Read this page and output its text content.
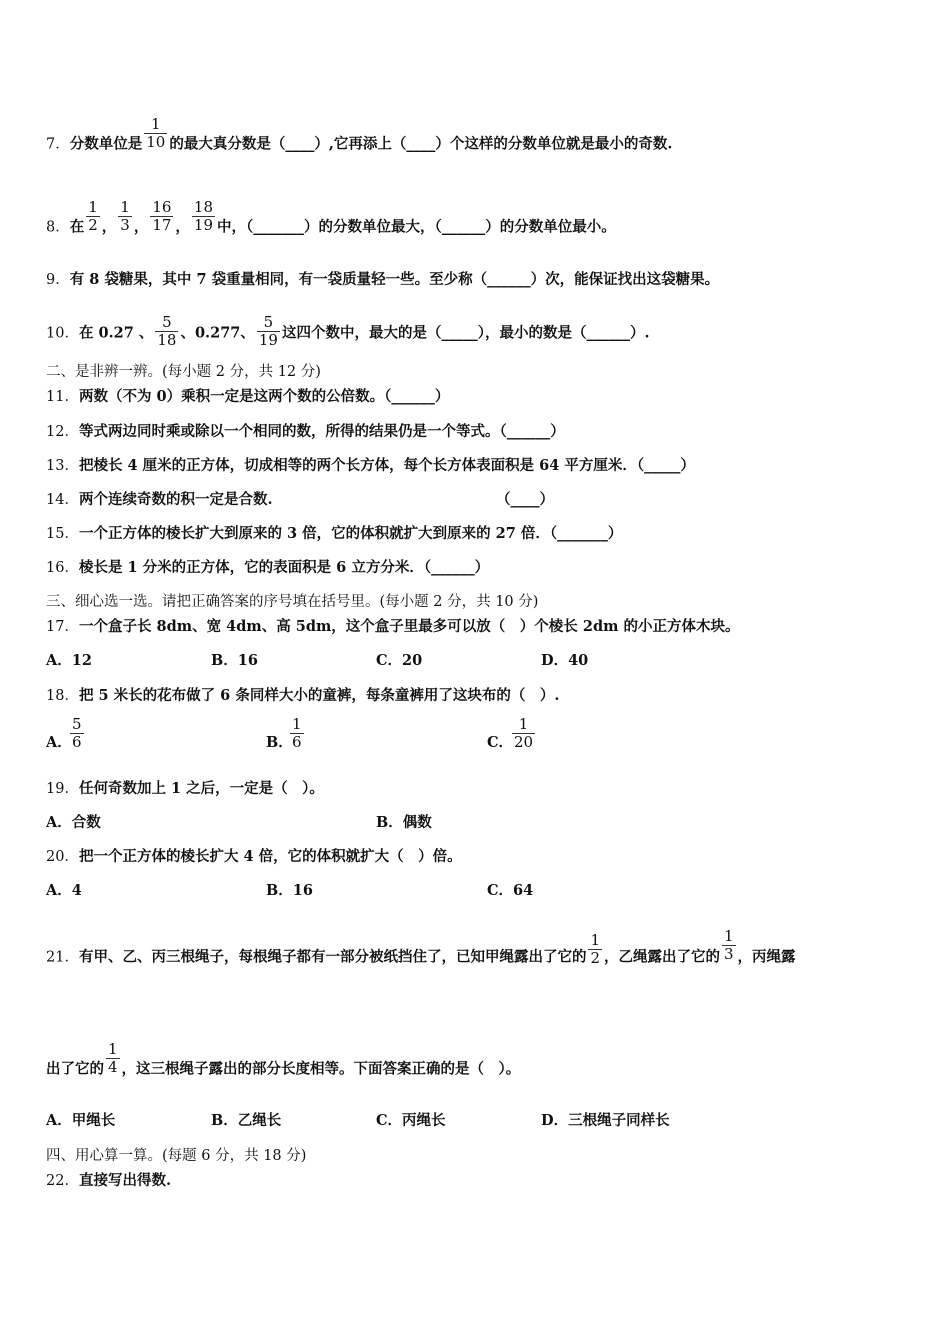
7．分数单位是 $\frac{1}{10}$ 的最大真分数是（____）,它再添上（____）个这样的分数单位就是最小的奇数.
8．在 $\frac{1}{2}$ ， $\frac{1}{3}$ ， $\frac{16}{17}$ ， $\frac{18}{19}$ 中，（_______）的分数单位最大，（______）的分数单位最小。
9．有 8 袋糖果，其中 7 袋重量相同，有一袋质量轻一些。至少称（______）次，能保证找出这袋糖果。
10．在 0.27 、 $\frac{5}{18}$ 、0.277、 $\frac{5}{19}$ 这四个数中，最大的是（_____），最小的数是（______）.
二、是非辨一辨。(每小题 2 分，共 12 分)
11．两数（不为 0）乘积一定是这两个数的公倍数。（______）
12．等式两边同时乘或除以一个相同的数，所得的结果仍是一个等式。（______）
13．把棱长 4 厘米的正方体，切成相等的两个长方体，每个长方体表面积是 64 平方厘米．（_____）
14．两个连续奇数的积一定是合数.	（____）
15．一个正方体的棱长扩大到原来的 3 倍，它的体积就扩大到原来的 27 倍．（_______）
16．棱长是 1 分米的正方体，它的表面积是 6 立方分米．（______）
三、细心选一选。请把正确答案的序号填在括号里。(每小题 2 分，共 10 分)
17．一个盒子长 8dm、宽 4dm、高 5dm，这个盒子里最多可以放（　）个棱长 2dm 的小正方体木块。
A．12	B．16	C．20	D．40
18．把 5 米长的花布做了 6 条同样大小的童裤，每条童裤用了这块布的（　）.
A．
5
6	B．
1
6	C．
1
20
19．任何奇数加上 1 之后，一定是（　）。
A．合数	B．偶数
20．把一个正方体的棱长扩大 4 倍，它的体积就扩大（　）倍。
A．4	B．16	C．64
21．有甲、乙、丙三根绳子，每根绳子都有一部分被纸挡住了，已知甲绳露出了它的 $\frac{1}{2}$ ，乙绳露出了它的 $\frac{1}{3}$ ，丙绳露
出了它的 $\frac{1}{4}$ ，这三根绳子露出的部分长度相等。下面答案正确的是（　）。
A．甲绳长	B．乙绳长	C．丙绳长	D．三根绳子同样长
四、用心算一算。(每题 6 分，共 18 分)
22．直接写出得数.
